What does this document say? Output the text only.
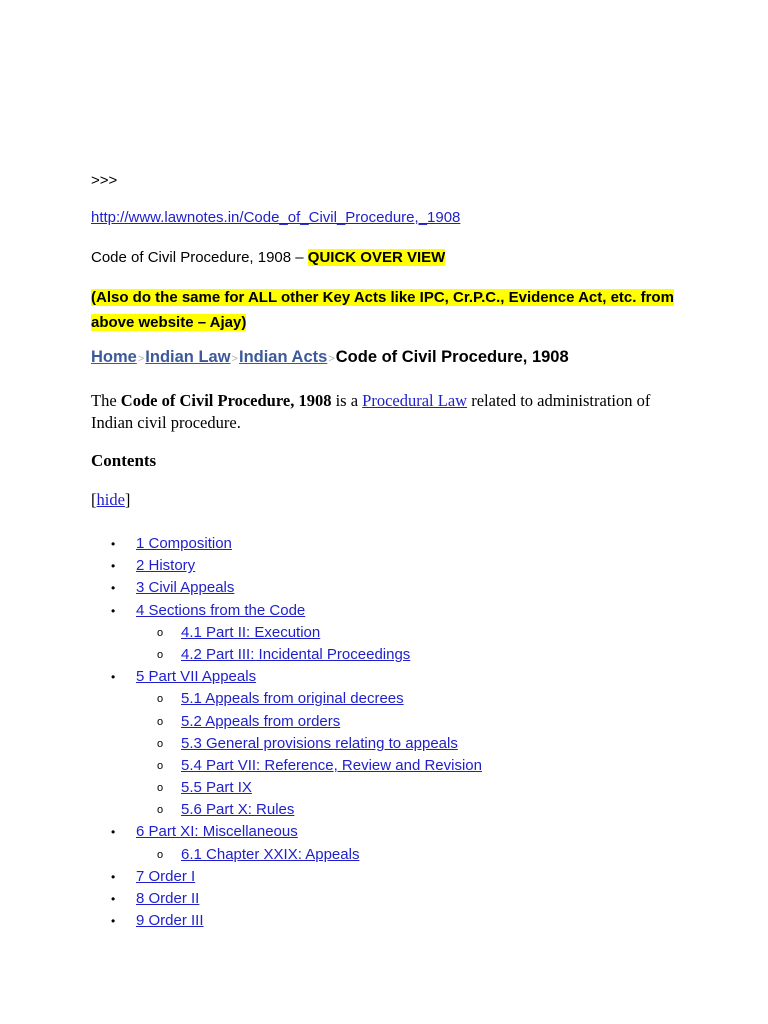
>>>
http://www.lawnotes.in/Code_of_Civil_Procedure,_1908
Code of Civil Procedure, 1908 – QUICK OVER VIEW
(Also do the same for ALL other Key Acts like IPC, Cr.P.C., Evidence Act, etc. from above website – Ajay)
Home>Indian Law>Indian Acts>Code of Civil Procedure, 1908
The Code of Civil Procedure, 1908 is a Procedural Law related to administration of Indian civil procedure.
Contents
[hide]
• 1 Composition
• 2 History
• 3 Civil Appeals
• 4 Sections from the Code
o 4.1 Part II: Execution
o 4.2 Part III: Incidental Proceedings
• 5 Part VII Appeals
o 5.1 Appeals from original decrees
o 5.2 Appeals from orders
o 5.3 General provisions relating to appeals
o 5.4 Part VII: Reference, Review and Revision
o 5.5 Part IX
o 5.6 Part X: Rules
• 6 Part XI: Miscellaneous
o 6.1 Chapter XXIX: Appeals
• 7 Order I
• 8 Order II
• 9 Order III
